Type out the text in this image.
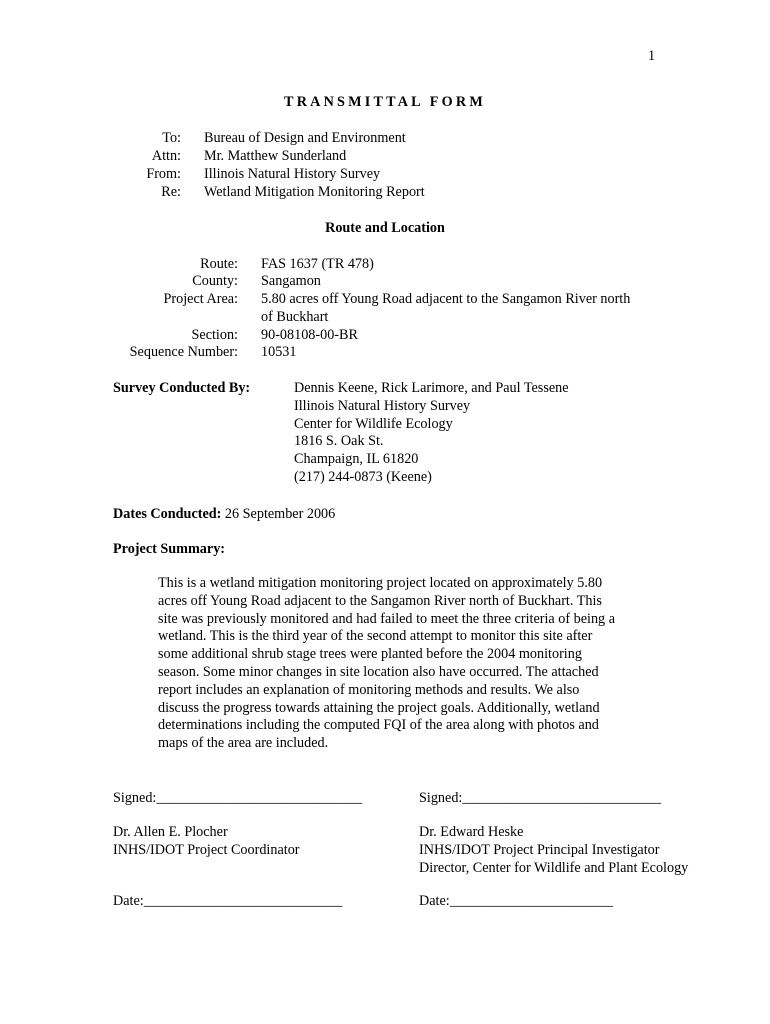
1
TRANSMITTAL FORM
To: Bureau of Design and Environment
Attn: Mr. Matthew Sunderland
From: Illinois Natural History Survey
Re: Wetland Mitigation Monitoring Report
Route and Location
Route: FAS 1637 (TR 478)
County: Sangamon
Project Area: 5.80 acres off Young Road adjacent to the Sangamon River north
of Buckhart
Section: 90-08108-00-BR
Sequence Number: 10531
Survey Conducted By:	Dennis Keene, Rick Larimore, and Paul Tessene
Illinois Natural History Survey
Center for Wildlife Ecology
1816 S. Oak St.
Champaign, IL 61820
(217) 244-0873 (Keene)
Dates Conducted: 26 September 2006
Project Summary:
This is a wetland mitigation monitoring project located on approximately 5.80
acres off Young Road adjacent to the Sangamon River north of Buckhart. This
site was previously monitored and had failed to meet the three criteria of being a
wetland. This is the third year of the second attempt to monitor this site after
some additional shrub stage trees were planted before the 2004 monitoring
season. Some minor changes in site location also have occurred. The attached
report includes an explanation of monitoring methods and results. We also
discuss the progress towards attaining the project goals. Additionally, wetland
determinations including the computed FQI of the area along with photos and
maps of the area are included.
Signed:_____________________________	Signed:____________________________
Dr. Allen E. Plocher
INHS/IDOT Project Coordinator
Dr. Edward Heske
INHS/IDOT Project Principal Investigator
Director, Center for Wildlife and Plant Ecology
Date:____________________________	Date:_______________________
